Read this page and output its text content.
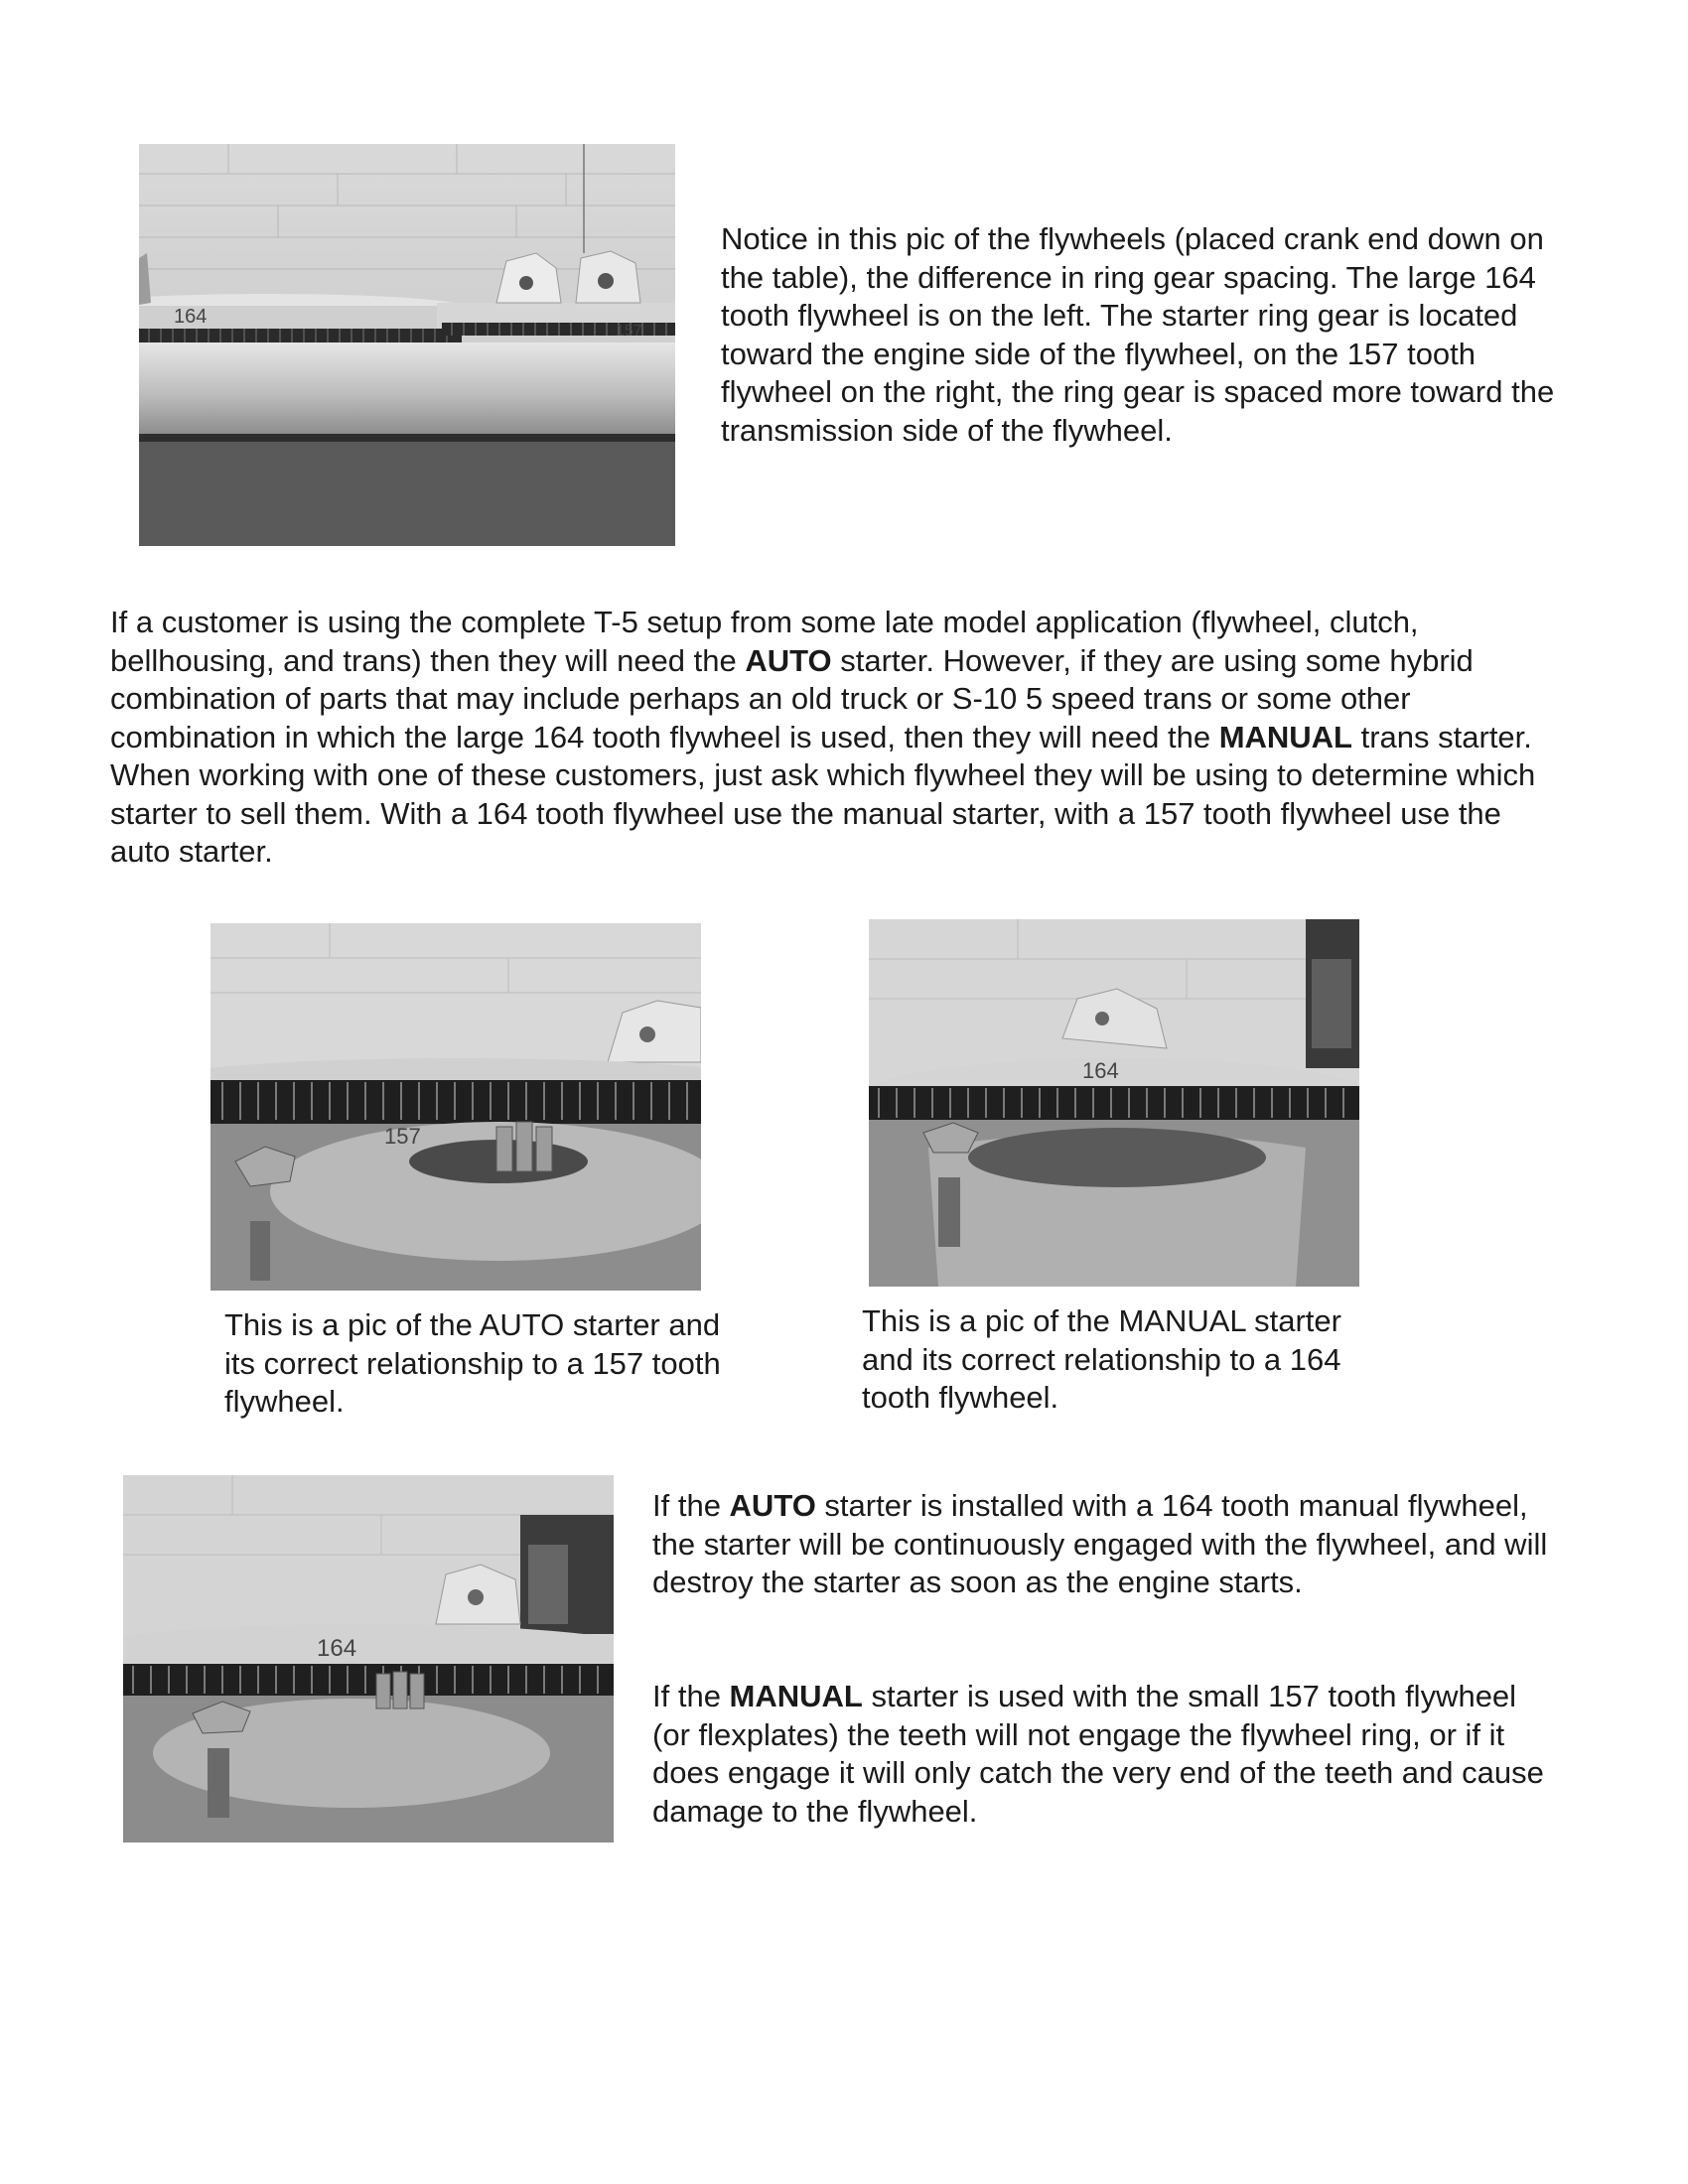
164
157

Notice in this pic of the flywheels (placed crank end down on the table), the difference in ring gear spacing. The large 164 tooth flywheel is on the left. The starter ring gear is located toward the engine side of the flywheel, on the 157 tooth flywheel on the right, the ring gear is spaced more toward the transmission side of the flywheel.

If a customer is using the complete T-5 setup from some late model application (flywheel, clutch, bellhousing, and trans) then they will need the AUTO starter. However, if they are using some hybrid combination of parts that may include perhaps an old truck or S-10 5 speed trans or some other combination in which the large 164 tooth flywheel is used, then they will need the MANUAL trans starter. When working with one of these customers, just ask which flywheel they will be using to determine which starter to sell them. With a 164 tooth flywheel use the manual starter, with a 157 tooth flywheel use the auto starter.

157
164

This is a pic of the AUTO starter and its correct relationship to a 157 tooth flywheel.

This is a pic of the MANUAL starter and its correct relationship to a 164 tooth flywheel.

164

If the AUTO starter is installed with a 164 tooth manual flywheel, the starter will be continuously engaged with the flywheel, and will destroy the starter as soon as the engine starts.

If the MANUAL starter is used with the small 157 tooth flywheel (or flexplates) the teeth will not engage the flywheel ring, or if it does engage it will only catch the very end of the teeth and cause damage to the flywheel.
